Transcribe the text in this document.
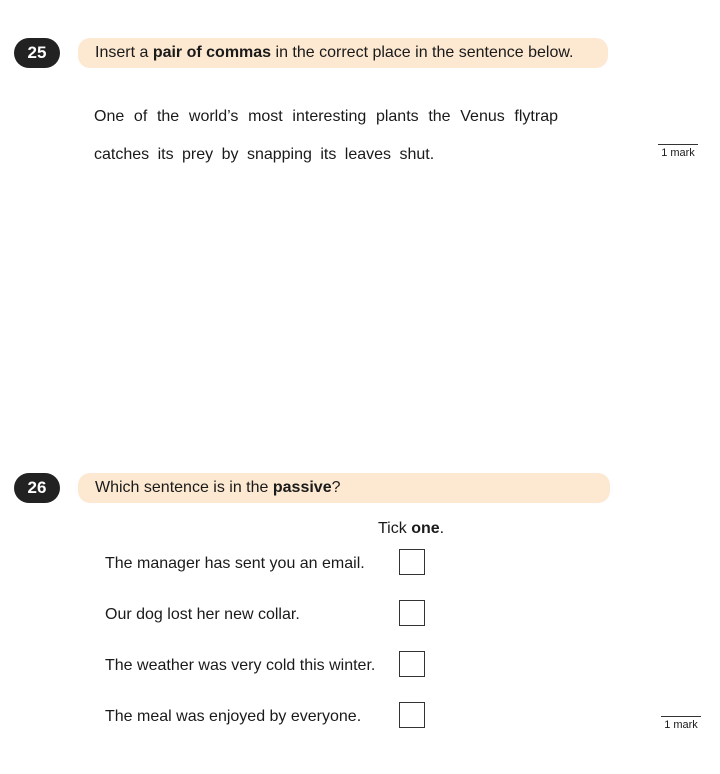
25	Insert a pair of commas in the correct place in the sentence below.
One of the world’s most interesting plants the Venus flytrap
catches its prey by snapping its leaves shut.	1 mark
26	Which sentence is in the passive?
Tick one.
The manager has sent you an email.
Our dog lost her new collar.
The weather was very cold this winter.
The meal was enjoyed by everyone.	1 mark
